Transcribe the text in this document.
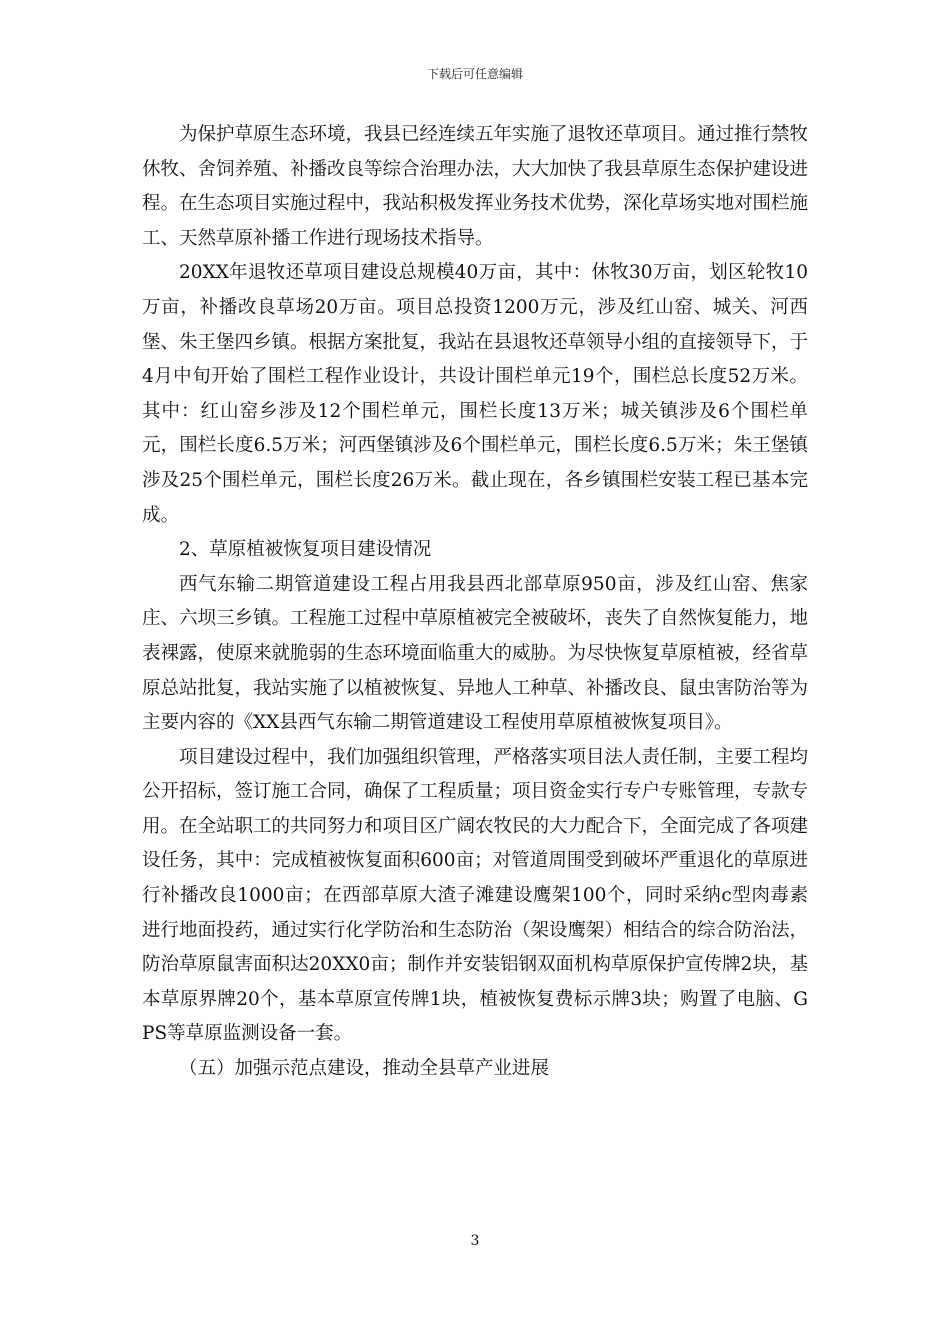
下载后可任意编辑

为保护草原生态环境，我县已经连续五年实施了退牧还草项目。通过推行禁牧休牧、舍饲养殖、补播改良等综合治理办法，大大加快了我县草原生态保护建设进程。在生态项目实施过程中，我站积极发挥业务技术优势，深化草场实地对围栏施工、天然草原补播工作进行现场技术指导。

20XX年退牧还草项目建设总规模40万亩，其中：休牧30万亩，划区轮牧10万亩，补播改良草场20万亩。项目总投资1200万元，涉及红山窑、城关、河西堡、朱王堡四乡镇。根据方案批复，我站在县退牧还草领导小组的直接领导下，于4月中旬开始了围栏工程作业设计，共设计围栏单元19个，围栏总长度52万米。其中：红山窑乡涉及12个围栏单元，围栏长度13万米；城关镇涉及6个围栏单元，围栏长度6.5万米；河西堡镇涉及6个围栏单元，围栏长度6.5万米；朱王堡镇涉及25个围栏单元，围栏长度26万米。截止现在，各乡镇围栏安装工程已基本完成。

2、草原植被恢复项目建设情况

西气东输二期管道建设工程占用我县西北部草原950亩，涉及红山窑、焦家庄、六坝三乡镇。工程施工过程中草原植被完全被破坏，丧失了自然恢复能力，地表裸露，使原来就脆弱的生态环境面临重大的威胁。为尽快恢复草原植被，经省草原总站批复，我站实施了以植被恢复、异地人工种草、补播改良、鼠虫害防治等为主要内容的《XX县西气东输二期管道建设工程使用草原植被恢复项目》。

项目建设过程中，我们加强组织管理，严格落实项目法人责任制，主要工程均公开招标，签订施工合同，确保了工程质量；项目资金实行专户专账管理，专款专用。在全站职工的共同努力和项目区广阔农牧民的大力配合下，全面完成了各项建设任务，其中：完成植被恢复面积600亩；对管道周围受到破坏严重退化的草原进行补播改良1000亩；在西部草原大渣子滩建设鹰架100个，同时采纳c型肉毒素进行地面投药，通过实行化学防治和生态防治（架设鹰架）相结合的综合防治法，防治草原鼠害面积达20XX0亩；制作并安装铝钢双面机构草原保护宣传牌2块，基本草原界牌20个，基本草原宣传牌1块，植被恢复费标示牌3块；购置了电脑、GPS等草原监测设备一套。

（五）加强示范点建设，推动全县草产业进展

3
